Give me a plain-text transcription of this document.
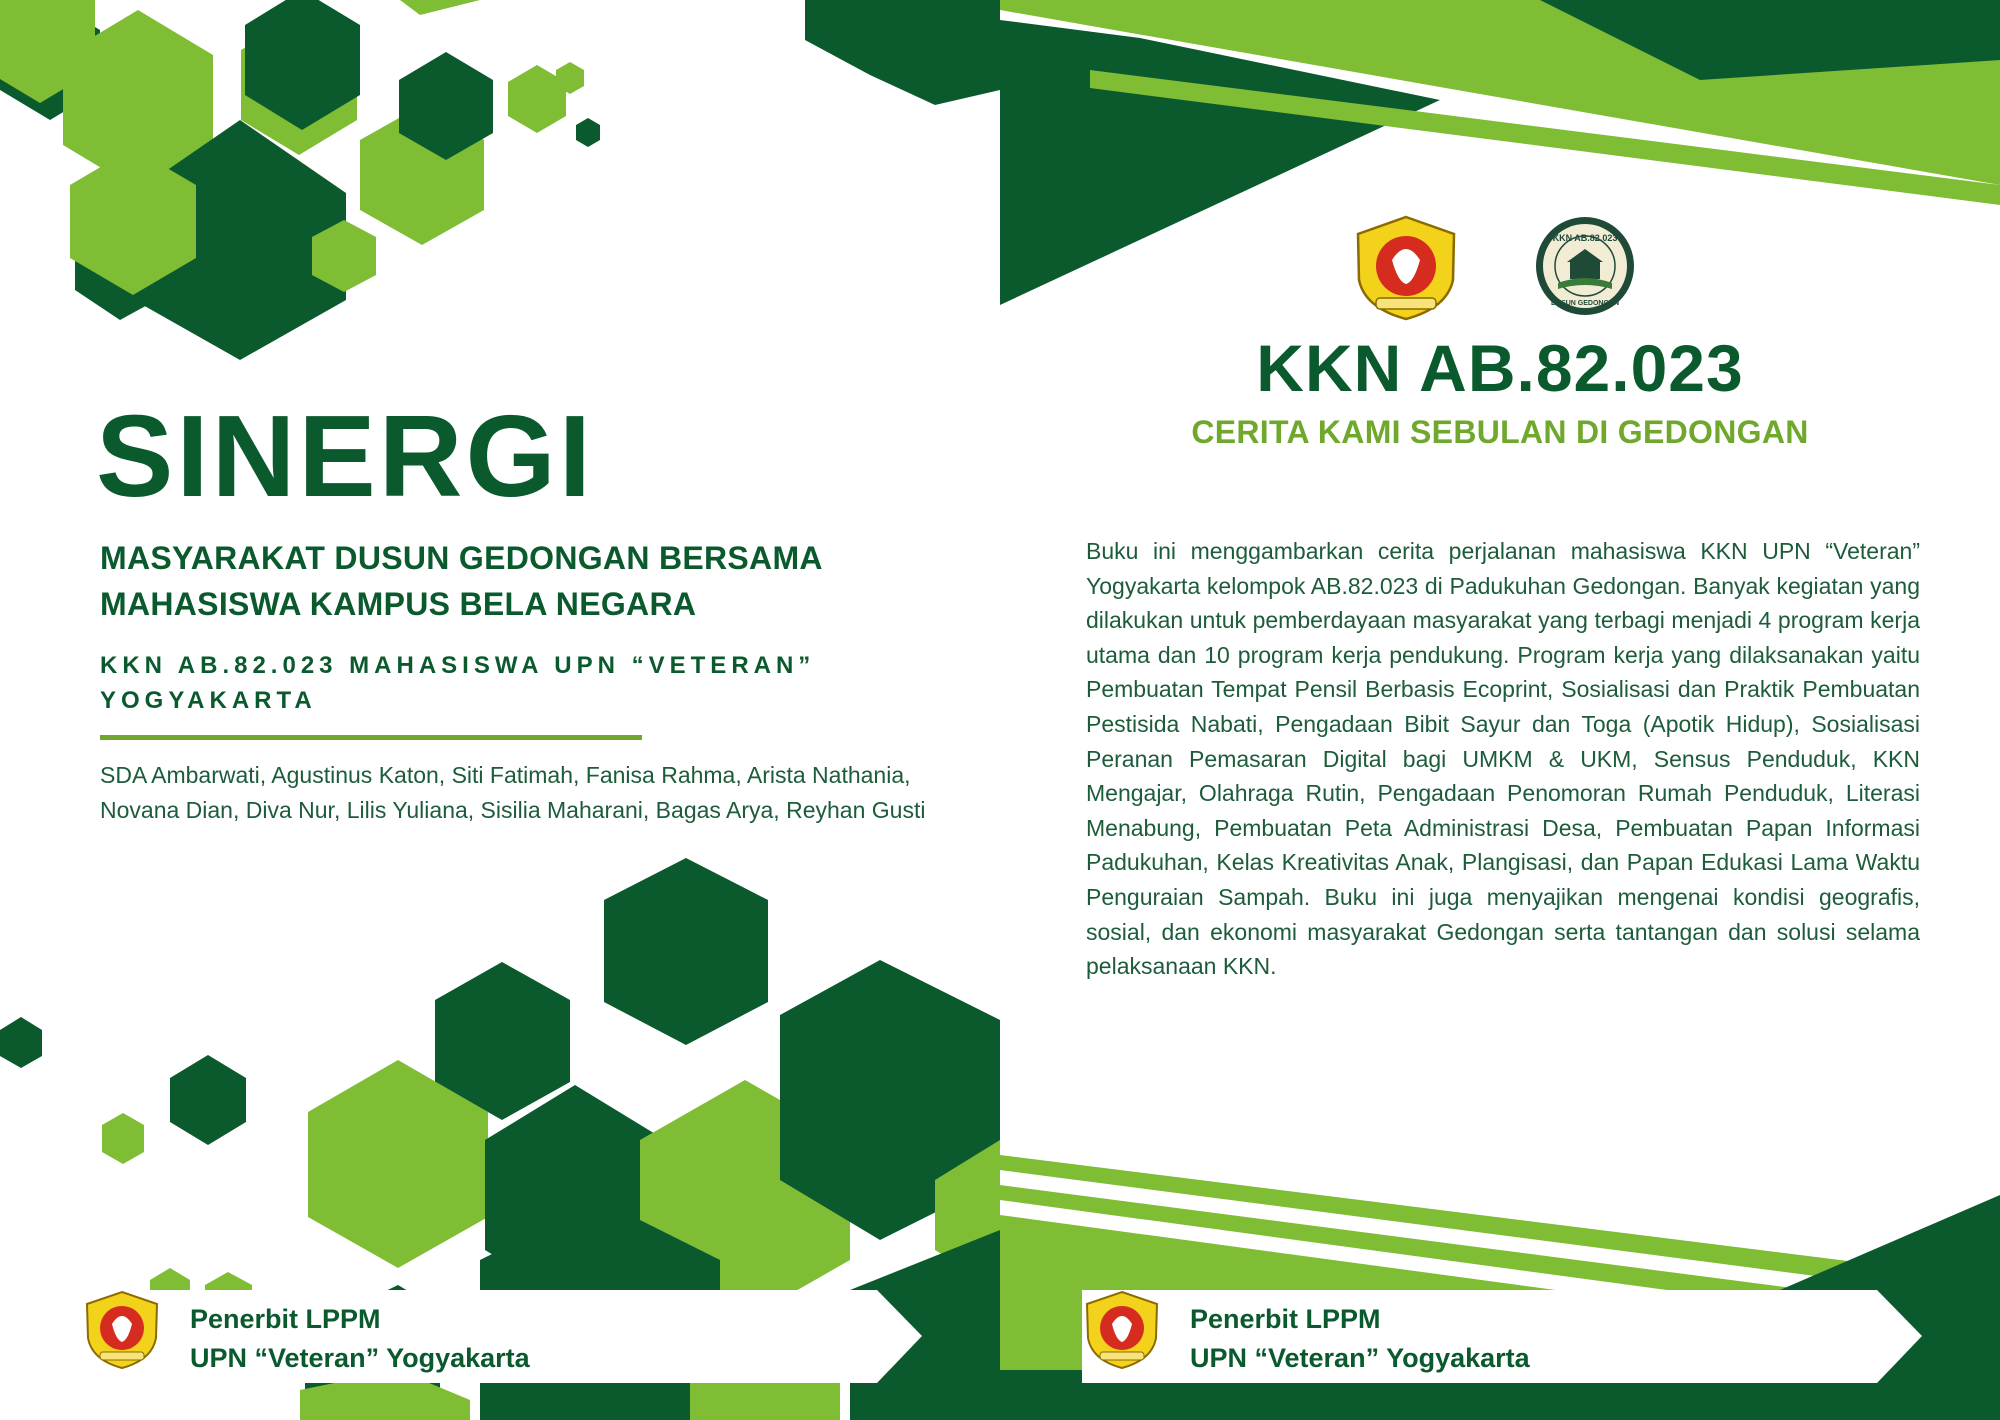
SINERGI
MASYARAKAT DUSUN GEDONGAN BERSAMA
MAHASISWA KAMPUS BELA NEGARA

KKN AB.82.023 MAHASISWA UPN “VETERAN” YOGYAKARTA

SDA Ambarwati, Agustinus Katon, Siti Fatimah, Fanisa Rahma, Arista Nathania, Novana Dian, Diva Nur, Lilis Yuliana, Sisilia Maharani, Bagas Arya, Reyhan Gusti

Penerbit LPPM
UPN “Veteran” Yogyakarta
KKN AB.82.023
DUSUN GEDONGAN
KKN AB.82.023
CERITA KAMI SEBULAN DI GEDONGAN

Buku ini menggambarkan cerita perjalanan mahasiswa KKN UPN “Veteran” Yogyakarta kelompok AB.82.023 di Padukuhan Gedongan. Banyak kegiatan yang dilakukan untuk pemberdayaan masyarakat yang terbagi menjadi 4 program kerja utama dan 10 program kerja pendukung. Program kerja yang dilaksanakan yaitu Pembuatan Tempat Pensil Berbasis Ecoprint, Sosialisasi dan Praktik Pembuatan Pestisida Nabati, Pengadaan Bibit Sayur dan Toga (Apotik Hidup), Sosialisasi Peranan Pemasaran Digital bagi UMKM & UKM, Sensus Penduduk, KKN Mengajar, Olahraga Rutin, Pengadaan Penomoran Rumah Penduduk, Literasi Menabung, Pembuatan Peta Administrasi Desa, Pembuatan Papan Informasi Padukuhan, Kelas Kreativitas Anak, Plangisasi, dan Papan Edukasi Lama Waktu Penguraian Sampah. Buku ini juga menyajikan mengenai kondisi geografis, sosial, dan ekonomi masyarakat Gedongan serta tantangan dan solusi selama pelaksanaan KKN.

Penerbit LPPM
UPN “Veteran” Yogyakarta
